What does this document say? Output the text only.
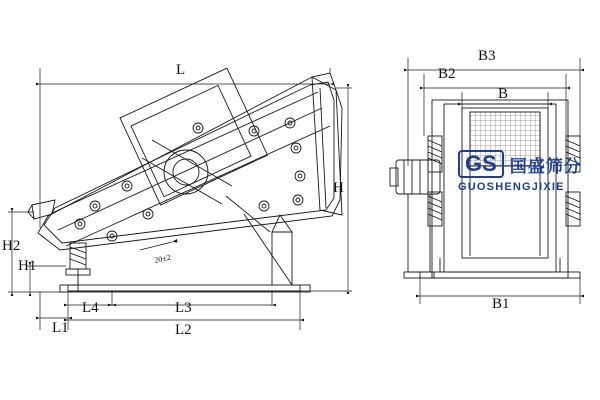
20±2
L
H
H2
H1
L1
L4	L3
L2
B3
B2
B
B1
GS 国盛筛分
GUOSHENGJIXIE
